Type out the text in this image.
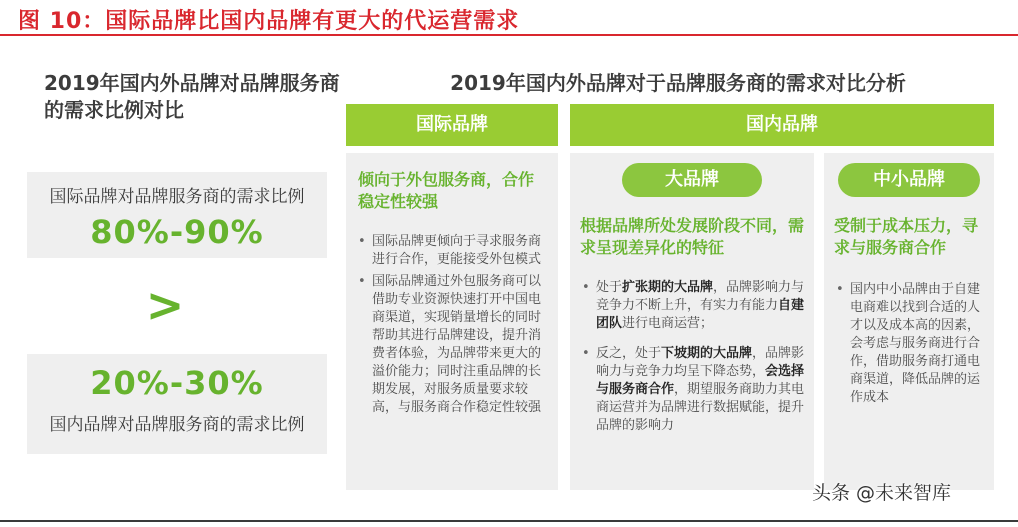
图 10：国际品牌比国内品牌有更大的代运营需求
2019年国内外品牌对品牌服务商的需求比例对比
国际品牌对品牌服务商的需求比例
80%-90%
>
20%-30%
国内品牌对品牌服务商的需求比例
2019年国内外品牌对于品牌服务商的需求对比分析
国际品牌	国内品牌
倾向于外包服务商，合作稳定性较强
• 国际品牌更倾向于寻求服务商进行合作，更能接受外包模式
• 国际品牌通过外包服务商可以借助专业资源快速打开中国电商渠道，实现销量增长的同时帮助其进行品牌建设，提升消费者体验，为品牌带来更大的溢价能力；同时注重品牌的长期发展，对服务质量要求较高，与服务商合作稳定性较强
大品牌
根据品牌所处发展阶段不同，需求呈现差异化的特征
• 处于扩张期的大品牌，品牌影响力与竞争力不断上升，有实力有能力自建团队进行电商运营；
• 反之，处于下坡期的大品牌，品牌影响力与竞争力均呈下降态势，会选择与服务商合作，期望服务商助力其电商运营并为品牌进行数据赋能，提升品牌的影响力
中小品牌
受制于成本压力，寻求与服务商合作
• 国内中小品牌由于自建电商难以找到合适的人才以及成本高的因素，会考虑与服务商进行合作，借助服务商打通电商渠道，降低品牌的运作成本
头条 @未来智库
